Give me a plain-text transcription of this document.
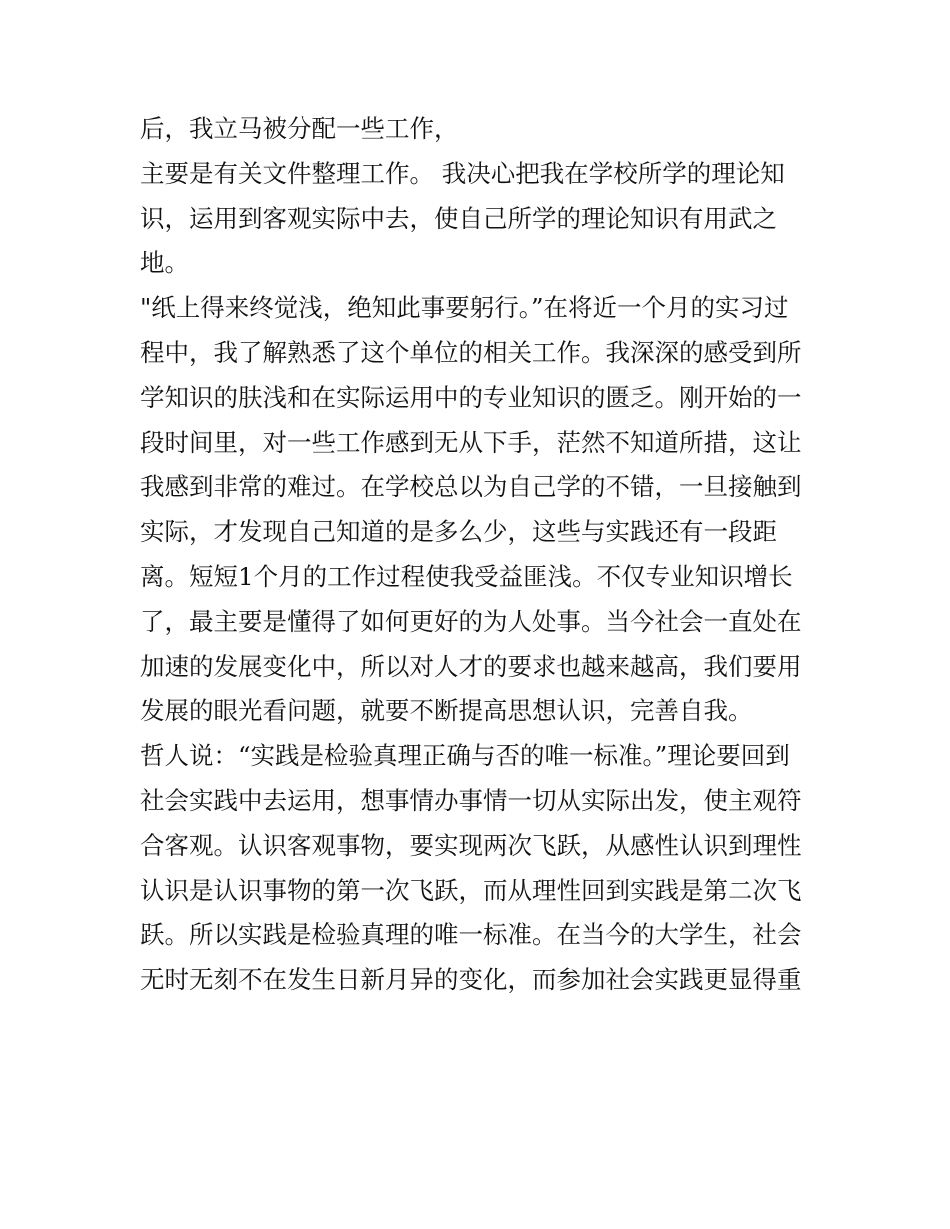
后，我立马被分配一些工作，
主要是有关文件整理工作。 我决心把我在学校所学的理论知
识，运用到客观实际中去，使自己所学的理论知识有用武之
地。
"纸上得来终觉浅，绝知此事要躬行。”在将近一个月的实习过
程中，我了解熟悉了这个单位的相关工作。我深深的感受到所
学知识的肤浅和在实际运用中的专业知识的匮乏。刚开始的一
段时间里，对一些工作感到无从下手，茫然不知道所措，这让
我感到非常的难过。在学校总以为自己学的不错，一旦接触到
实际，才发现自己知道的是多么少，这些与实践还有一段距
离。短短1个月的工作过程使我受益匪浅。不仅专业知识增长
了，最主要是懂得了如何更好的为人处事。当今社会一直处在
加速的发展变化中，所以对人才的要求也越来越高，我们要用
发展的眼光看问题，就要不断提高思想认识，完善自我。
哲人说：“实践是检验真理正确与否的唯一标准。”理论要回到
社会实践中去运用，想事情办事情一切从实际出发，使主观符
合客观。认识客观事物，要实现两次飞跃，从感性认识到理性
认识是认识事物的第一次飞跃，而从理性回到实践是第二次飞
跃。所以实践是检验真理的唯一标准。在当今的大学生，社会
无时无刻不在发生日新月异的变化，而参加社会实践更显得重
